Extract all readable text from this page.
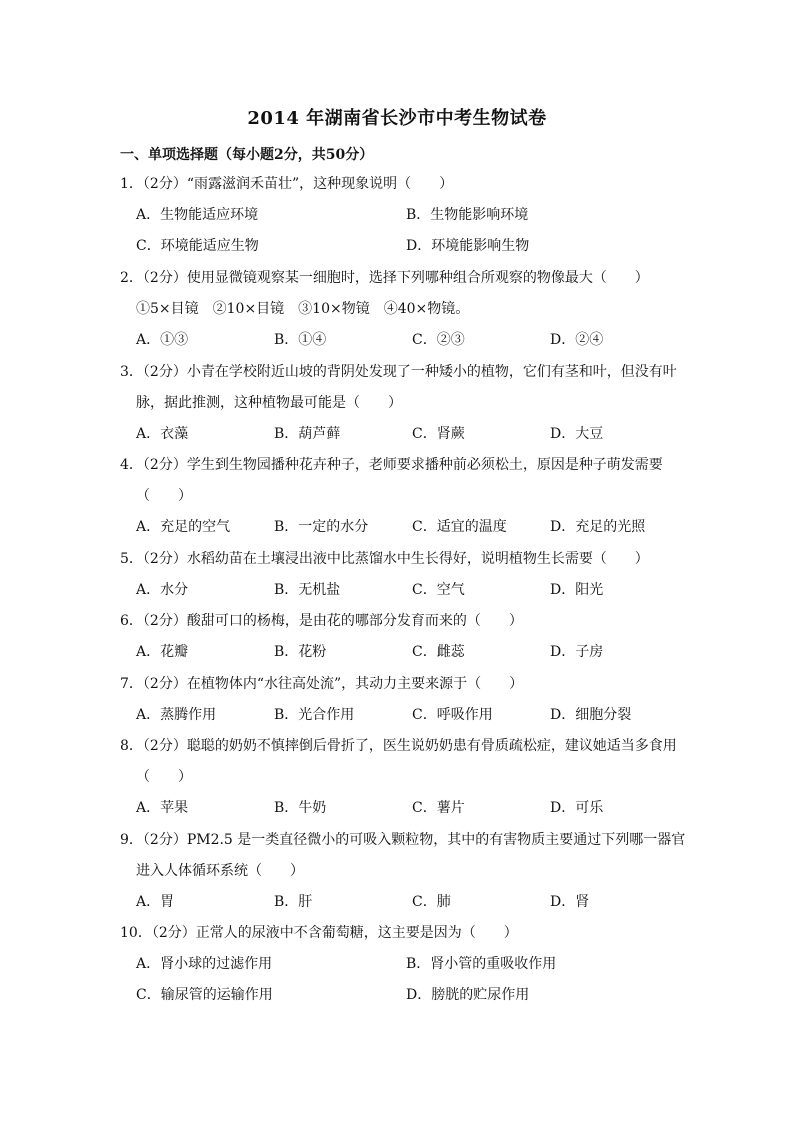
2014 年湖南省长沙市中考生物试卷
一、单项选择题（每小题2分，共50分）
1．（2分）“雨露滋润禾苗壮”，这种现象说明（　　）
A．生物能适应环境	B．生物能影响环境
C．环境能适应生物	D．环境能影响生物
2．（2分）使用显微镜观察某一细胞时，选择下列哪种组合所观察的物像最大（　　）
①5×目镜　②10×目镜　③10×物镜　④40×物镜。
A．①③	B．①④	C．②③	D．②④
3．（2分）小青在学校附近山坡的背阴处发现了一种矮小的植物，它们有茎和叶，但没有叶
脉，据此推测，这种植物最可能是（　　）
A．衣藻	B．葫芦藓	C．肾蕨	D．大豆
4．（2分）学生到生物园播种花卉种子，老师要求播种前必须松土，原因是种子萌发需要
（　　）
A．充足的空气	B．一定的水分	C．适宜的温度	D．充足的光照
5．（2分）水稻幼苗在土壤浸出液中比蒸馏水中生长得好，说明植物生长需要（　　）
A．水分	B．无机盐	C．空气	D．阳光
6．（2分）酸甜可口的杨梅，是由花的哪部分发育而来的（　　）
A．花瓣	B．花粉	C．雌蕊	D．子房
7．（2分）在植物体内“水往高处流”，其动力主要来源于（　　）
A．蒸腾作用	B．光合作用	C．呼吸作用	D．细胞分裂
8．（2分）聪聪的奶奶不慎摔倒后骨折了，医生说奶奶患有骨质疏松症，建议她适当多食用
（　　）
A．苹果	B．牛奶	C．薯片	D．可乐
9．（2分）PM2.5 是一类直径微小的可吸入颗粒物，其中的有害物质主要通过下列哪一器官
进入人体循环系统（　　）
A．胃	B．肝	C．肺	D．肾
10．（2分）正常人的尿液中不含葡萄糖，这主要是因为（　　）
A．肾小球的过滤作用	B．肾小管的重吸收作用
C．输尿管的运输作用	D．膀胱的贮尿作用
